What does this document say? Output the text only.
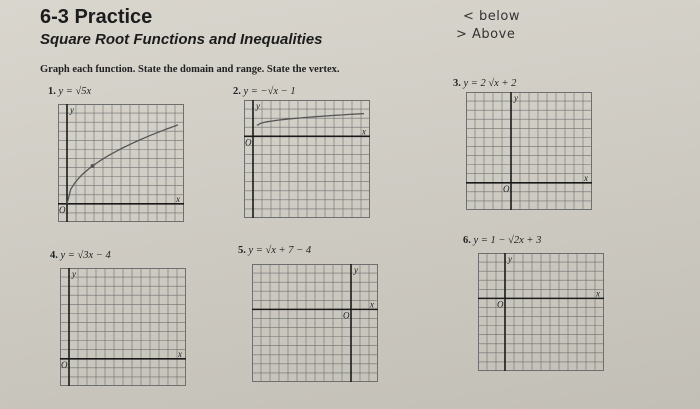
6-3 Practice
Square Root Functions and Inequalities
< below
> Above

Graph each function. State the domain and range. State the vertex.

1. y = √5x	2. y = −√x − 1
3. y = 2 √x + 2
4. y = √3x − 4	5. y = √x + 7 − 4
6. y = 1 − √2x + 3
y
x
O
y
x
O
y
x
O
y
x
O
y
x
O
y
x
O
